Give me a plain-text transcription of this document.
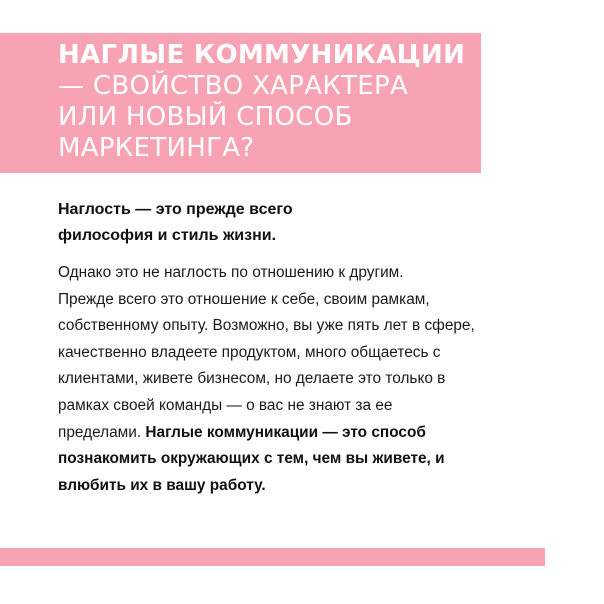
НАГЛЫЕ КОММУНИКАЦИИ
— СВОЙСТВО ХАРАКТЕРА
ИЛИ НОВЫЙ СПОСОБ
МАРКЕТИНГА?

Наглость — это прежде всего
философия и стиль жизни.

Однако это не наглость по отношению к другим.
Прежде всего это отношение к себе, своим рамкам,
собственному опыту. Возможно, вы уже пять лет в сфере,
качественно владеете продуктом, много общаетесь с
клиентами, живете бизнесом, но делаете это только в
рамках своей команды — о вас не знают за ее
пределами. Наглые коммуникации — это способ
познакомить окружающих с тем, чем вы живете, и
влюбить их в вашу работу.
